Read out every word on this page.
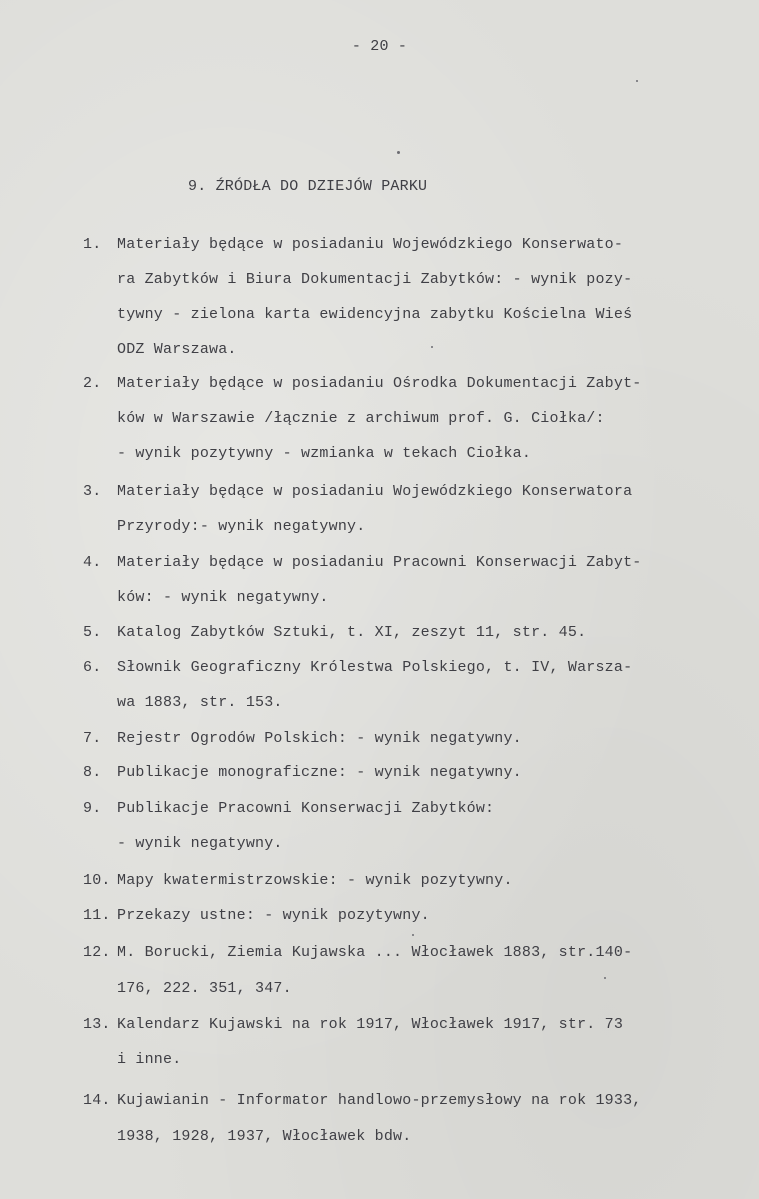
- 20 -
9. ŹRÓDŁA DO DZIEJÓW PARKU
1.	Materiały będące w posiadaniu Wojewódzkiego Konserwato-
ra Zabytków i Biura Dokumentacji Zabytków: - wynik pozy-
tywny - zielona karta ewidencyjna zabytku Kościelna Wieś
ODZ Warszawa.
2.	Materiały będące w posiadaniu Ośrodka Dokumentacji Zabyt-
ków w Warszawie /łącznie z archiwum prof. G. Ciołka/:
- wynik pozytywny - wzmianka w tekach Ciołka.
3.	Materiały będące w posiadaniu Wojewódzkiego Konserwatora
Przyrody:- wynik negatywny.
4.	Materiały będące w posiadaniu Pracowni Konserwacji Zabyt-
ków: - wynik negatywny.
5.	Katalog Zabytków Sztuki, t. XI, zeszyt 11, str. 45.
6.	Słownik Geograficzny Królestwa Polskiego, t. IV, Warsza-
wa 1883, str. 153.
7.	Rejestr Ogrodów Polskich: - wynik negatywny.
8.	Publikacje monograficzne: - wynik negatywny.
9.	Publikacje Pracowni Konserwacji Zabytków:
- wynik negatywny.
10. Mapy kwatermistrzowskie: - wynik pozytywny.
11. Przekazy ustne: - wynik pozytywny.
12. M. Borucki, Ziemia Kujawska ... Włocławek 1883, str.140-
176, 222. 351, 347.
13. Kalendarz Kujawski na rok 1917, Włocławek 1917, str. 73
i inne.
14. Kujawianin - Informator handlowo-przemysłowy na rok 1933,
1938, 1928, 1937, Włocławek bdw.
